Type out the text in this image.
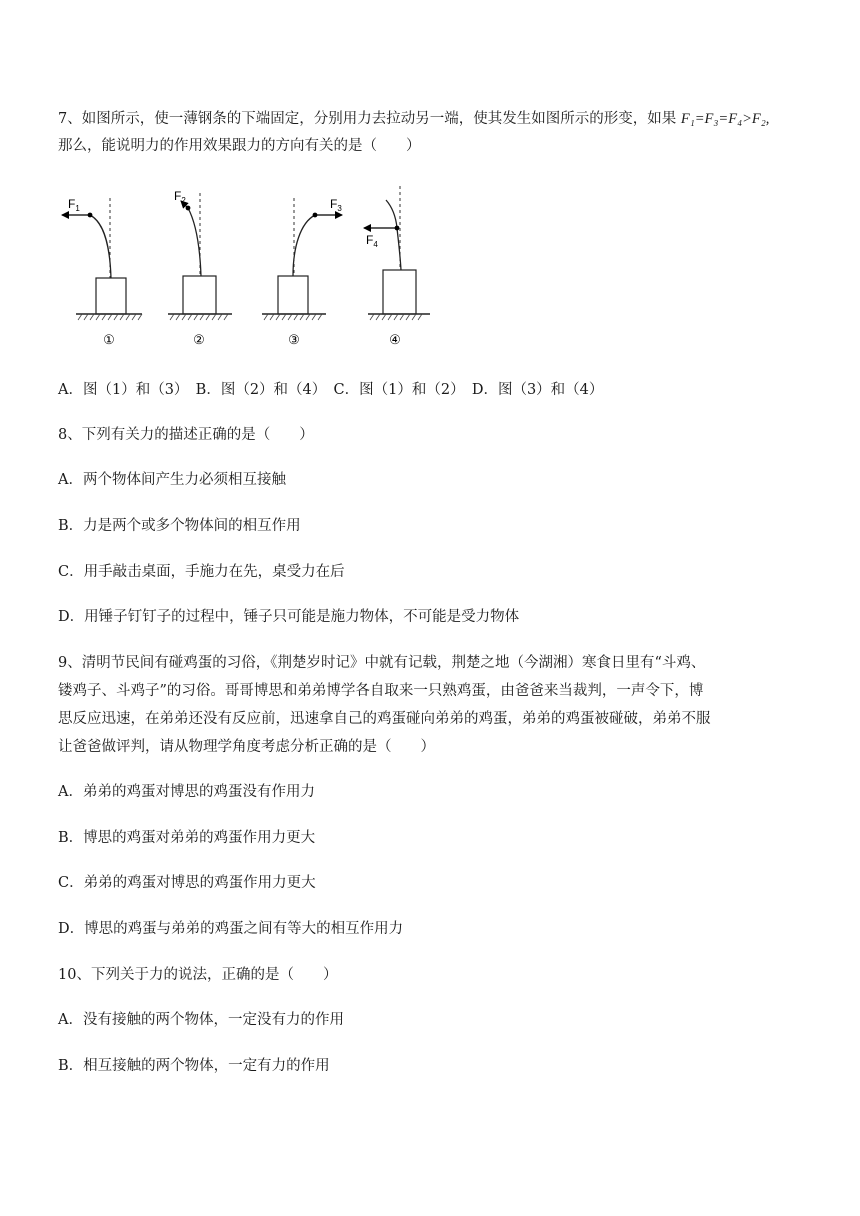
7、如图所示，使一薄钢条的下端固定，分别用力去拉动另一端，使其发生如图所示的形变，如果 F₁=F₃=F₄>F₂,
那么，能说明力的作用效果跟力的方向有关的是（　　）
$F_1$
①
$F_2$
②
$F_3$
③
$F_4$
④
A．图（1）和（3）　B．图（2）和（4）　C．图（1）和（2）　D．图（3）和（4）
8、下列有关力的描述正确的是（　　）
A．两个物体间产生力必须相互接触
B．力是两个或多个物体间的相互作用
C．用手敲击桌面，手施力在先，桌受力在后
D．用锤子钉钉子的过程中，锤子只可能是施力物体，不可能是受力物体
9、清明节民间有碰鸡蛋的习俗，《荆楚岁时记》中就有记载，荆楚之地（今湖湘）寒食日里有“斗鸡、
镂鸡子、斗鸡子”的习俗。哥哥博思和弟弟博学各自取来一只熟鸡蛋，由爸爸来当裁判，一声令下，博
思反应迅速，在弟弟还没有反应前，迅速拿自己的鸡蛋碰向弟弟的鸡蛋，弟弟的鸡蛋被碰破，弟弟不服
让爸爸做评判，请从物理学角度考虑分析正确的是（　　）
A．弟弟的鸡蛋对博思的鸡蛋没有作用力
B．博思的鸡蛋对弟弟的鸡蛋作用力更大
C．弟弟的鸡蛋对博思的鸡蛋作用力更大
D．博思的鸡蛋与弟弟的鸡蛋之间有等大的相互作用力
10、下列关于力的说法，正确的是（　　）
A．没有接触的两个物体，一定没有力的作用
B．相互接触的两个物体，一定有力的作用
